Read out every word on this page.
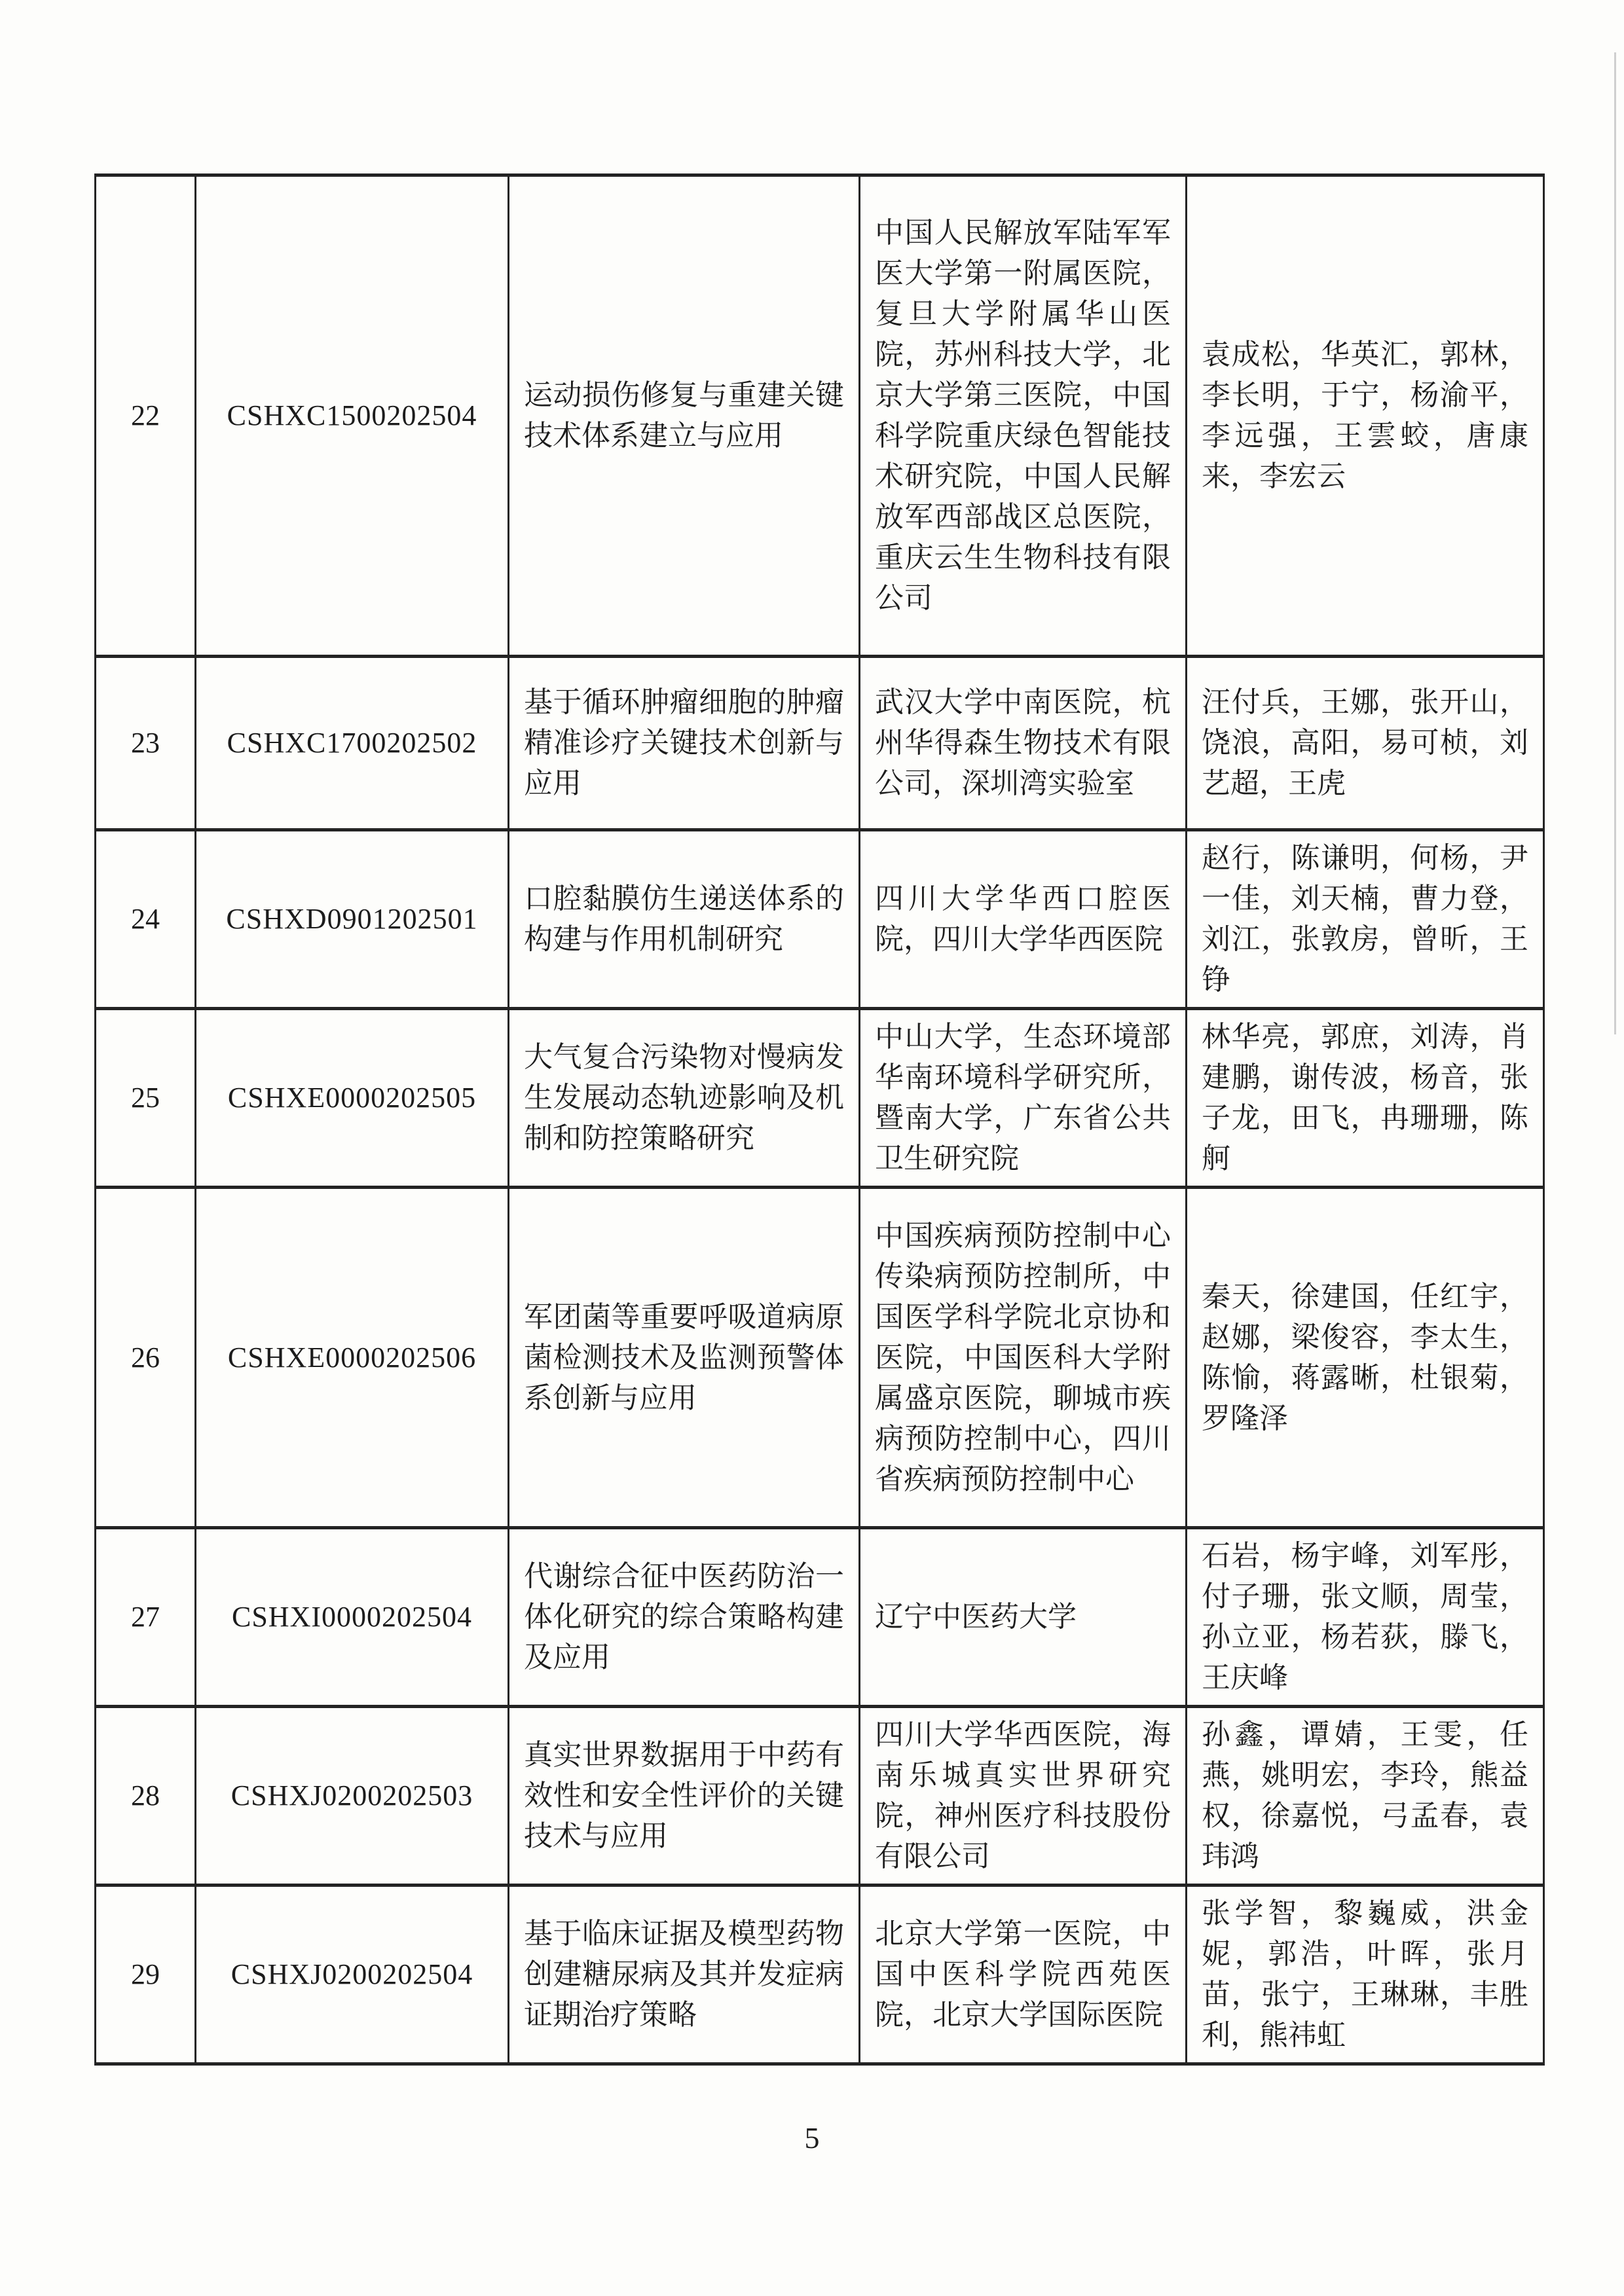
22	CSHXC1500202504	运动损伤修复与重建关键技术体系建立与应用	中国人民解放军陆军军医大学第一附属医院，复旦大学附属华山医院，苏州科技大学，北京大学第三医院，中国科学院重庆绿色智能技术研究院，中国人民解放军西部战区总医院，重庆云生生物科技有限公司	袁成松，华英汇，郭林，李长明，于宁，杨渝平，李远强，王雲蛟，唐康来，李宏云
23	CSHXC1700202502	基于循环肿瘤细胞的肿瘤精准诊疗关键技术创新与应用	武汉大学中南医院，杭州华得森生物技术有限公司，深圳湾实验室	汪付兵，王娜，张开山，饶浪，高阳，易可桢，刘艺超，王虎
24	CSHXD0901202501	口腔黏膜仿生递送体系的构建与作用机制研究	四川大学华西口腔医院，四川大学华西医院	赵行，陈谦明，何杨，尹一佳，刘天楠，曹力登，刘江，张敦房，曾昕，王铮
25	CSHXE0000202505	大气复合污染物对慢病发生发展动态轨迹影响及机制和防控策略研究	中山大学，生态环境部华南环境科学研究所，暨南大学，广东省公共卫生研究院	林华亮，郭庶，刘涛，肖建鹏，谢传波，杨音，张子龙，田飞，冉珊珊，陈舸
26	CSHXE0000202506	军团菌等重要呼吸道病原菌检测技术及监测预警体系创新与应用	中国疾病预防控制中心传染病预防控制所，中国医学科学院北京协和医院，中国医科大学附属盛京医院，聊城市疾病预防控制中心，四川省疾病预防控制中心	秦天，徐建国，任红宇，赵娜，梁俊容，李太生，陈愉，蒋露晰，杜银菊，罗隆泽
27	CSHXI0000202504	代谢综合征中医药防治一体化研究的综合策略构建及应用	辽宁中医药大学	石岩，杨宇峰，刘军彤，付子珊，张文顺，周莹，孙立亚，杨若荻，滕飞，王庆峰
28	CSHXJ0200202503	真实世界数据用于中药有效性和安全性评价的关键技术与应用	四川大学华西医院，海南乐城真实世界研究院，神州医疗科技股份有限公司	孙鑫，谭婧，王雯，任燕，姚明宏，李玲，熊益权，徐嘉悦，弓孟春，袁玮鸿
29	CSHXJ0200202504	基于临床证据及模型药物创建糖尿病及其并发症病证期治疗策略	北京大学第一医院，中国中医科学院西苑医院，北京大学国际医院	张学智，黎巍威，洪金妮，郭浩，叶晖，张月苗，张宁，王琳琳，丰胜利，熊祎虹
5
